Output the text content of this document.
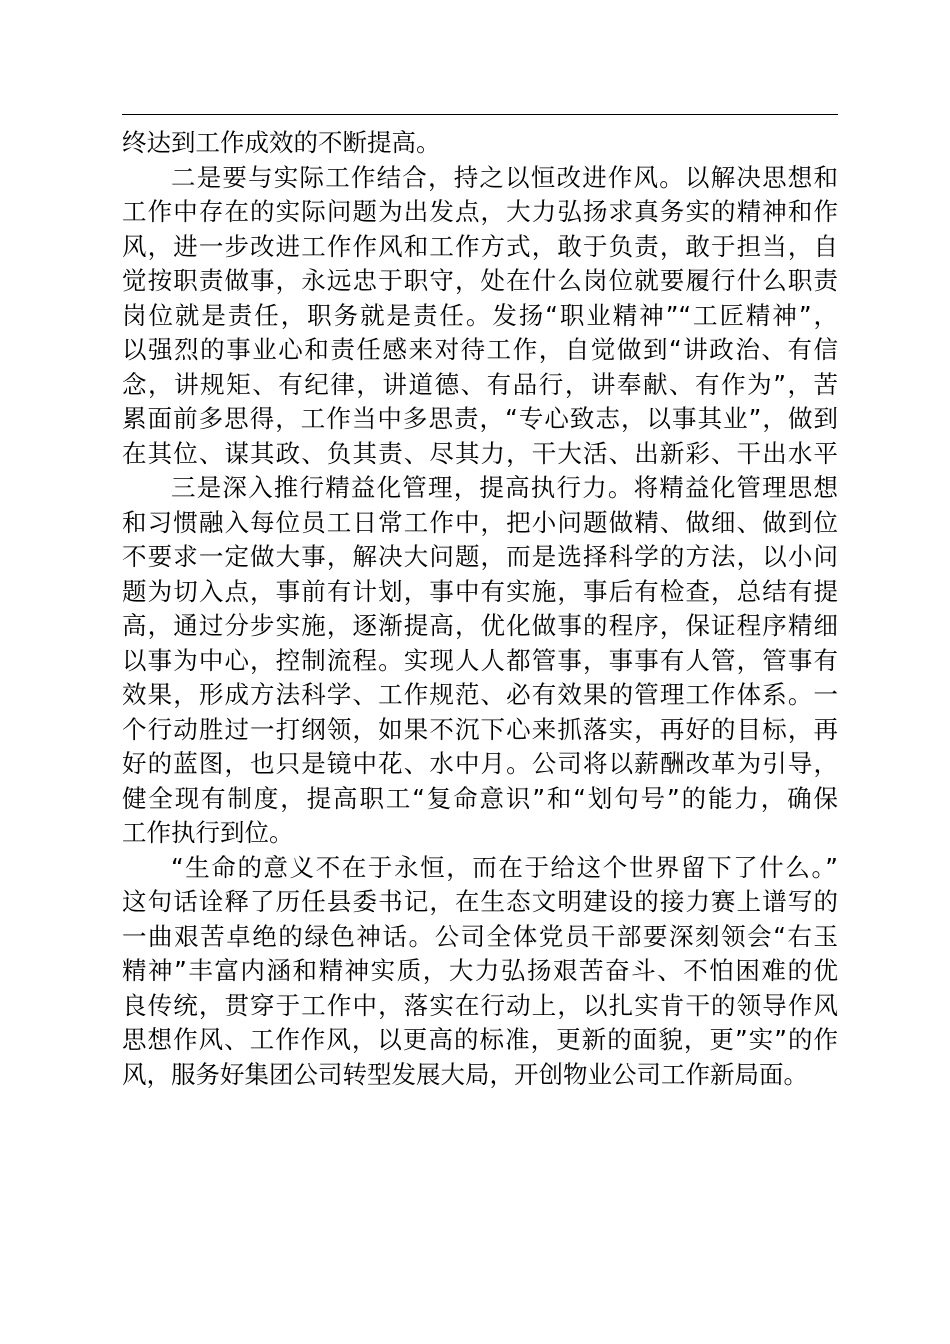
终达到工作成效的不断提高。
二是要与实际工作结合，持之以恒改进作风。以解决思想和
工作中存在的实际问题为出发点，大力弘扬求真务实的精神和作
风，进一步改进工作作风和工作方式，敢于负责，敢于担当，自
觉按职责做事，永远忠于职守，处在什么岗位就要履行什么职责
岗位就是责任，职务就是责任。发扬“职业精神”“工匠精神”，
以强烈的事业心和责任感来对待工作，自觉做到“讲政治、有信
念，讲规矩、有纪律，讲道德、有品行，讲奉献、有作为”，苦
累面前多思得，工作当中多思责，“专心致志，以事其业”，做到
在其位、谋其政、负其责、尽其力，干大活、出新彩、干出水平
三是深入推行精益化管理，提高执行力。将精益化管理思想
和习惯融入每位员工日常工作中，把小问题做精、做细、做到位
不要求一定做大事，解决大问题，而是选择科学的方法，以小问
题为切入点，事前有计划，事中有实施，事后有检查，总结有提
高，通过分步实施，逐渐提高，优化做事的程序，保证程序精细
以事为中心，控制流程。实现人人都管事，事事有人管，管事有
效果，形成方法科学、工作规范、必有效果的管理工作体系。一
个行动胜过一打纲领，如果不沉下心来抓落实，再好的目标，再
好的蓝图，也只是镜中花、水中月。公司将以薪酬改革为引导，
健全现有制度，提高职工“复命意识”和“划句号”的能力，确保
工作执行到位。
“生命的意义不在于永恒，而在于给这个世界留下了什么。”
这句话诠释了历任县委书记，在生态文明建设的接力赛上谱写的
一曲艰苦卓绝的绿色神话。公司全体党员干部要深刻领会“右玉
精神”丰富内涵和精神实质，大力弘扬艰苦奋斗、不怕困难的优
良传统，贯穿于工作中，落实在行动上，以扎实肯干的领导作风
思想作风、工作作风，以更高的标准，更新的面貌，更”实”的作
风，服务好集团公司转型发展大局，开创物业公司工作新局面。
